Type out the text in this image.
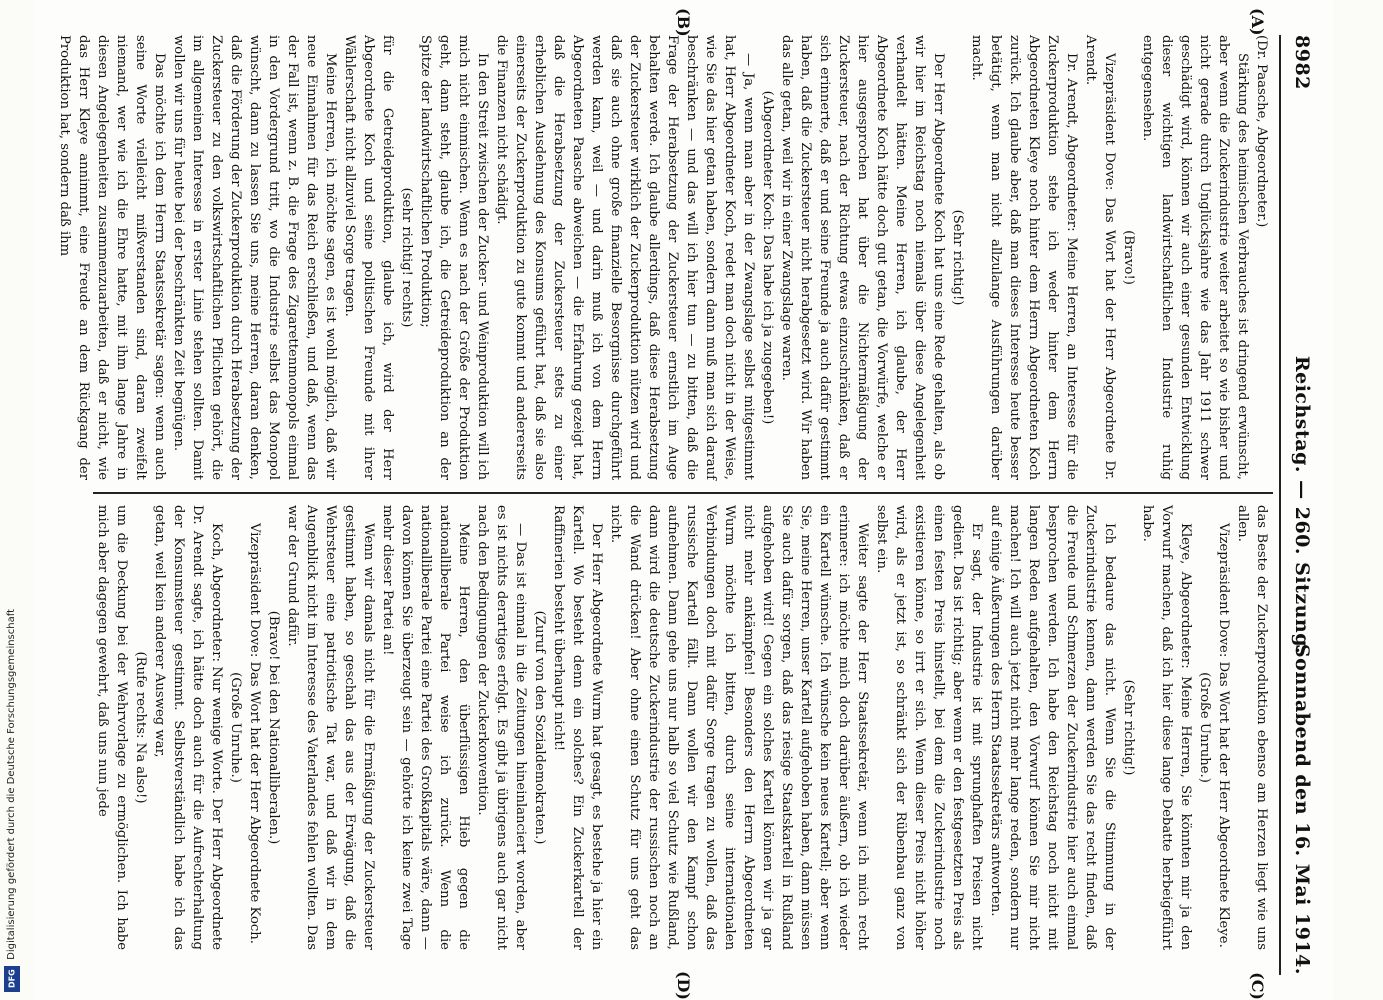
8982
Reichstag. — 260. Sitzung.
Sonnabend den 16. Mai 1914.
(A)
(B)
(C)
(D)

(Dr. Paasche, Abgeordneter.)

Stärkung des heimischen Verbrauches ist dringend erwünscht, aber wenn die Zuckerindustrie weiter arbeitet so wie bisher und nicht gerade durch Unglücksjahre wie das Jahr 1911 schwer geschädigt wird, können wir auch einer gesunden Entwicklung dieser wichtigen landwirtschaftlichen Industrie ruhig entgegensehen.

(Bravo!)

Vizepräsident Dove: Das Wort hat der Herr Abgeordnete Dr. Arendt.

Dr. Arendt, Abgeordneter: Meine Herren, an Interesse für die Zuckerproduktion stehe ich weder hinter dem Herrn Abgeordneten Kleye noch hinter dem Herrn Abgeordneten Koch zurück. Ich glaube aber, daß man dieses Interesse heute besser betätigt, wenn man nicht allzulange Ausführungen darüber macht.

(Sehr richtig!)

Der Herr Abgeordnete Koch hat uns eine Rede gehalten, als ob wir hier im Reichstag noch niemals über diese Angelegenheit verhandelt hätten. Meine Herren, ich glaube, der Herr Abgeordnete Koch hätte doch gut getan, die Vorwürfe, welche er hier ausgesprochen hat über die Nichtermäßigung der Zuckersteuer, nach der Richtung etwas einzuschränken, daß er sich erinnerte, daß er und seine Freunde ja auch dafür gestimmt haben, daß die Zuckersteuer nicht herabgesetzt wird. Wir haben das alle getan, weil wir in einer Zwangslage waren.

(Abgeordneter Koch: Das habe ich ja zugegeben!)

— Ja, wenn man aber in der Zwangslage selbst mitgestimmt hat, Herr Abgeordneter Koch, redet man doch nicht in der Weise, wie Sie das hier getan haben, sondern dann muß man sich darauf beschränken — und das will ich hier tun — zu bitten, daß die Frage der Herabsetzung der Zuckersteuer ernstlich im Auge behalten werde. Ich glaube allerdings, daß diese Herabsetzung der Zuckersteuer wirklich der Zuckerproduktion nützen wird und daß sie auch ohne große finanzielle Besorgnisse durchgeführt werden kann, weil — und darin muß ich von dem Herrn Abgeordneten Paasche abweichen — die Erfahrung gezeigt hat, daß die Herabsetzung der Zuckersteuer stets zu einer erheblichen Ausdehnung des Konsums geführt hat, daß sie also einerseits der Zuckerproduktion zu gute kommt und andererseits die Finanzen nicht schädigt.

In den Streit zwischen der Zucker- und Weinproduktion will ich mich nicht einmischen. Wenn es nach der Größe der Produktion geht, dann steht, glaube ich, die Getreideproduktion an der Spitze der landwirtschaftlichen Produktion;

(sehr richtig! rechts)

für die Getreideproduktion, glaube ich, wird der Herr Abgeordnete Koch und seine politischen Freunde mit ihrer Wählerschaft nicht allzuviel Sorge tragen.

Meine Herren, ich möchte sagen, es ist wohl möglich, daß wir neue Einnahmen für das Reich erschließen, und daß, wenn das der Fall ist, wenn z. B. die Frage des Zigarettenmonopols einmal in den Vordergrund tritt, wo die Industrie selbst das Monopol wünscht, dann zu lassen Sie uns, meine Herren, daran denken, daß die Förderung der Zuckerproduktion durch Herabsetzung der Zuckersteuer zu den volkswirtschaftlichen Pflichten gehört, die im allgemeinen Interesse in erster Linie stehen sollten. Damit wollen wir uns für heute bei der beschränkten Zeit begnügen.

Das möchte ich dem Herrn Staatssekretär sagen: wenn auch seine Worte vielleicht mißverstanden sind, daran zweifelt niemand, wer wie ich die Ehre hatte, mit ihm lange Jahre in diesen Angelegenheiten zusammenzuarbeiten, daß er nicht, wie das Herr Kleye annimmt, eine Freude an dem Rückgang der Produktion hat, sondern daß ihm

das Beste der Zuckerproduktion ebenso am Herzen liegt wie uns allen.

Vizepräsident Dove: Das Wort hat der Herr Abgeordnete Kleye.

(Große Unruhe.)

Kleye, Abgeordneter: Meine Herren, Sie könnten mir ja den Vorwurf machen, daß ich hier diese lange Debatte herbeigeführt habe.

(Sehr richtig!)

Ich bedaure das nicht. Wenn Sie die Stimmung in der Zuckerindustrie kennen, dann werden Sie das recht finden, daß die Freude und Schmerzen der Zuckerindustrie hier auch einmal besprochen werden. Ich habe den Reichstag noch nicht mit langen Reden aufgehalten, den Vorwurf können Sie mir nicht machen! Ich will auch jetzt nicht mehr lange reden, sondern nur auf einige Äußerungen des Herrn Staatssekretärs antworten.

Er sagt, der Industrie ist mit sprunghaften Preisen nicht gedient. Das ist richtig; aber wenn er den festgesetzten Preis als einen festen Preis hinstellt, bei dem die Zuckerindustrie noch existieren könne, so irrt er sich. Wenn dieser Preis nicht höher wird, als er jetzt ist, so schränkt sich der Rübenbau ganz von selbst ein.

Weiter sagte der Herr Staatssekretär, wenn ich mich recht erinnere: ich möchte mich doch darüber äußern, ob ich wieder ein Kartell wünsche. Ich wünsche kein neues Kartell; aber wenn Sie, meine Herren, unser Kartell aufgehoben haben, dann müssen Sie auch dafür sorgen, daß das riesige Staatskartell in Rußland aufgehoben wird! Gegen ein solches Kartell können wir ja gar nicht mehr ankämpfen! Besonders den Herrn Abgeordneten Wurm möchte ich bitten, durch seine internationalen Verbindungen doch mit dafür Sorge tragen zu wollen, daß das russische Kartell fällt. Dann wollen wir den Kampf schon aufnehmen. Dann gehe uns nur halb so viel Schutz wie Rußland, dann wird die deutsche Zuckerindustrie der russischen noch an die Wand drücken! Aber ohne einen Schutz für uns geht das nicht.

Der Herr Abgeordnete Wurm hat gesagt, es bestehe ja hier ein Kartell. Wo besteht denn ein solches? Ein Zuckerkartell der Raffinerien besteht überhaupt nicht!

(Zuruf von den Sozialdemokraten.)

— Das ist einmal in die Zeitungen hineinlanciert worden, aber es ist nichts derartiges erfolgt. Es gibt ja übrigens auch gar nicht nach den Bedingungen der Zuckerkonvention.

Meine Herren, den überflüssigen Hieb gegen die nationalliberale Partei weise ich zurück. Wenn die nationalliberale Partei eine Partei des Großkapitals wäre, dann — davon können Sie überzeugt sein — gehörte ich keine zwei Tage mehr dieser Partei an!

Wenn wir damals nicht für die Ermäßigung der Zuckersteuer gestimmt haben, so geschah das aus der Erwägung, daß die Wehrsteuer eine patriotische Tat war, und daß wir in dem Augenblick nicht im Interesse des Vaterlandes fehlen wollten. Das war der Grund dafür.

(Bravo! bei den Nationalliberalen.)

Vizepräsident Dove: Das Wort hat der Herr Abgeordnete Koch.

(Große Unruhe.)

Koch, Abgeordneter: Nur wenige Worte. Der Herr Abgeordnete Dr. Arendt sagte, ich hätte doch auch für die Aufrechterhaltung der Konsumsteuer gestimmt. Selbstverständlich habe ich das getan, weil kein anderer Ausweg war,

(Rufe rechts: Na also!)

um die Deckung bei der Wehrvorlage zu ermöglichen. Ich habe mich aber dagegen gewehrt, daß uns nun jede

Digitalisierung gefördert durch die Deutsche Forschungsgemeinschaft
DFG
